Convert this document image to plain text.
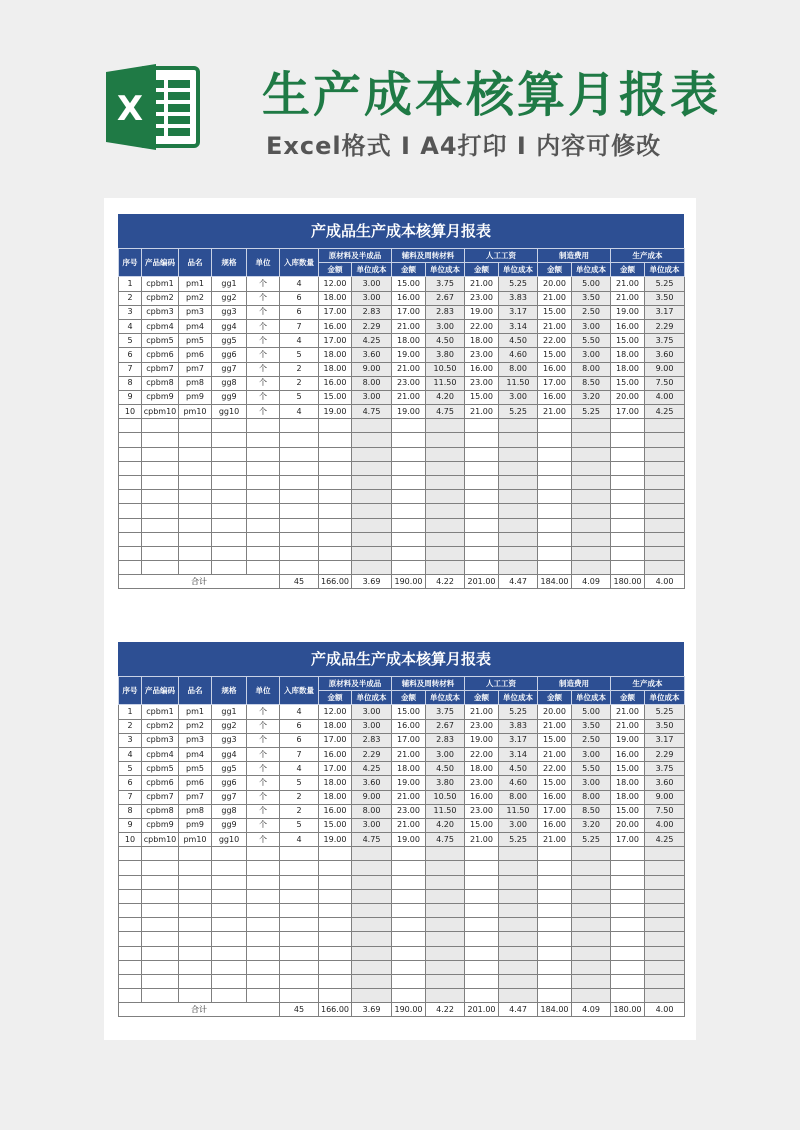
X 生产成本核算月报表
Excel格式 I A4打印 I 内容可修改
产成品生产成本核算月报表
序号	产品编码	品名	规格	单位	入库数量	原材料及半成品		辅料及周转材料		人工工资		制造费用		生产成本	
						金额	单位成本	金额	单位成本	金额	单位成本	金额	单位成本	金额	单位成本
1	cpbm1	pm1	gg1	个	4	12.00	3.00	15.00	3.75	21.00	5.25	20.00	5.00	21.00	5.25
2	cpbm2	pm2	gg2	个	6	18.00	3.00	16.00	2.67	23.00	3.83	21.00	3.50	21.00	3.50
3	cpbm3	pm3	gg3	个	6	17.00	2.83	17.00	2.83	19.00	3.17	15.00	2.50	19.00	3.17
4	cpbm4	pm4	gg4	个	7	16.00	2.29	21.00	3.00	22.00	3.14	21.00	3.00	16.00	2.29
5	cpbm5	pm5	gg5	个	4	17.00	4.25	18.00	4.50	18.00	4.50	22.00	5.50	15.00	3.75
6	cpbm6	pm6	gg6	个	5	18.00	3.60	19.00	3.80	23.00	4.60	15.00	3.00	18.00	3.60
7	cpbm7	pm7	gg7	个	2	18.00	9.00	21.00	10.50	16.00	8.00	16.00	8.00	18.00	9.00
8	cpbm8	pm8	gg8	个	2	16.00	8.00	23.00	11.50	23.00	11.50	17.00	8.50	15.00	7.50
9	cpbm9	pm9	gg9	个	5	15.00	3.00	21.00	4.20	15.00	3.00	16.00	3.20	20.00	4.00
10	cpbm10	pm10	gg10	个	4	19.00	4.75	19.00	4.75	21.00	5.25	21.00	5.25	17.00	4.25

合计					45	166.00	3.69	190.00	4.22	201.00	4.47	184.00	4.09	180.00	4.00
产成品生产成本核算月报表
序号	产品编码	品名	规格	单位	入库数量	原材料及半成品		辅料及周转材料		人工工资		制造费用		生产成本	
						金额	单位成本	金额	单位成本	金额	单位成本	金额	单位成本	金额	单位成本
1	cpbm1	pm1	gg1	个	4	12.00	3.00	15.00	3.75	21.00	5.25	20.00	5.00	21.00	5.25
2	cpbm2	pm2	gg2	个	6	18.00	3.00	16.00	2.67	23.00	3.83	21.00	3.50	21.00	3.50
3	cpbm3	pm3	gg3	个	6	17.00	2.83	17.00	2.83	19.00	3.17	15.00	2.50	19.00	3.17
4	cpbm4	pm4	gg4	个	7	16.00	2.29	21.00	3.00	22.00	3.14	21.00	3.00	16.00	2.29
5	cpbm5	pm5	gg5	个	4	17.00	4.25	18.00	4.50	18.00	4.50	22.00	5.50	15.00	3.75
6	cpbm6	pm6	gg6	个	5	18.00	3.60	19.00	3.80	23.00	4.60	15.00	3.00	18.00	3.60
7	cpbm7	pm7	gg7	个	2	18.00	9.00	21.00	10.50	16.00	8.00	16.00	8.00	18.00	9.00
8	cpbm8	pm8	gg8	个	2	16.00	8.00	23.00	11.50	23.00	11.50	17.00	8.50	15.00	7.50
9	cpbm9	pm9	gg9	个	5	15.00	3.00	21.00	4.20	15.00	3.00	16.00	3.20	20.00	4.00
10	cpbm10	pm10	gg10	个	4	19.00	4.75	19.00	4.75	21.00	5.25	21.00	5.25	17.00	4.25

合计					45	166.00	3.69	190.00	4.22	201.00	4.47	184.00	4.09	180.00	4.00
